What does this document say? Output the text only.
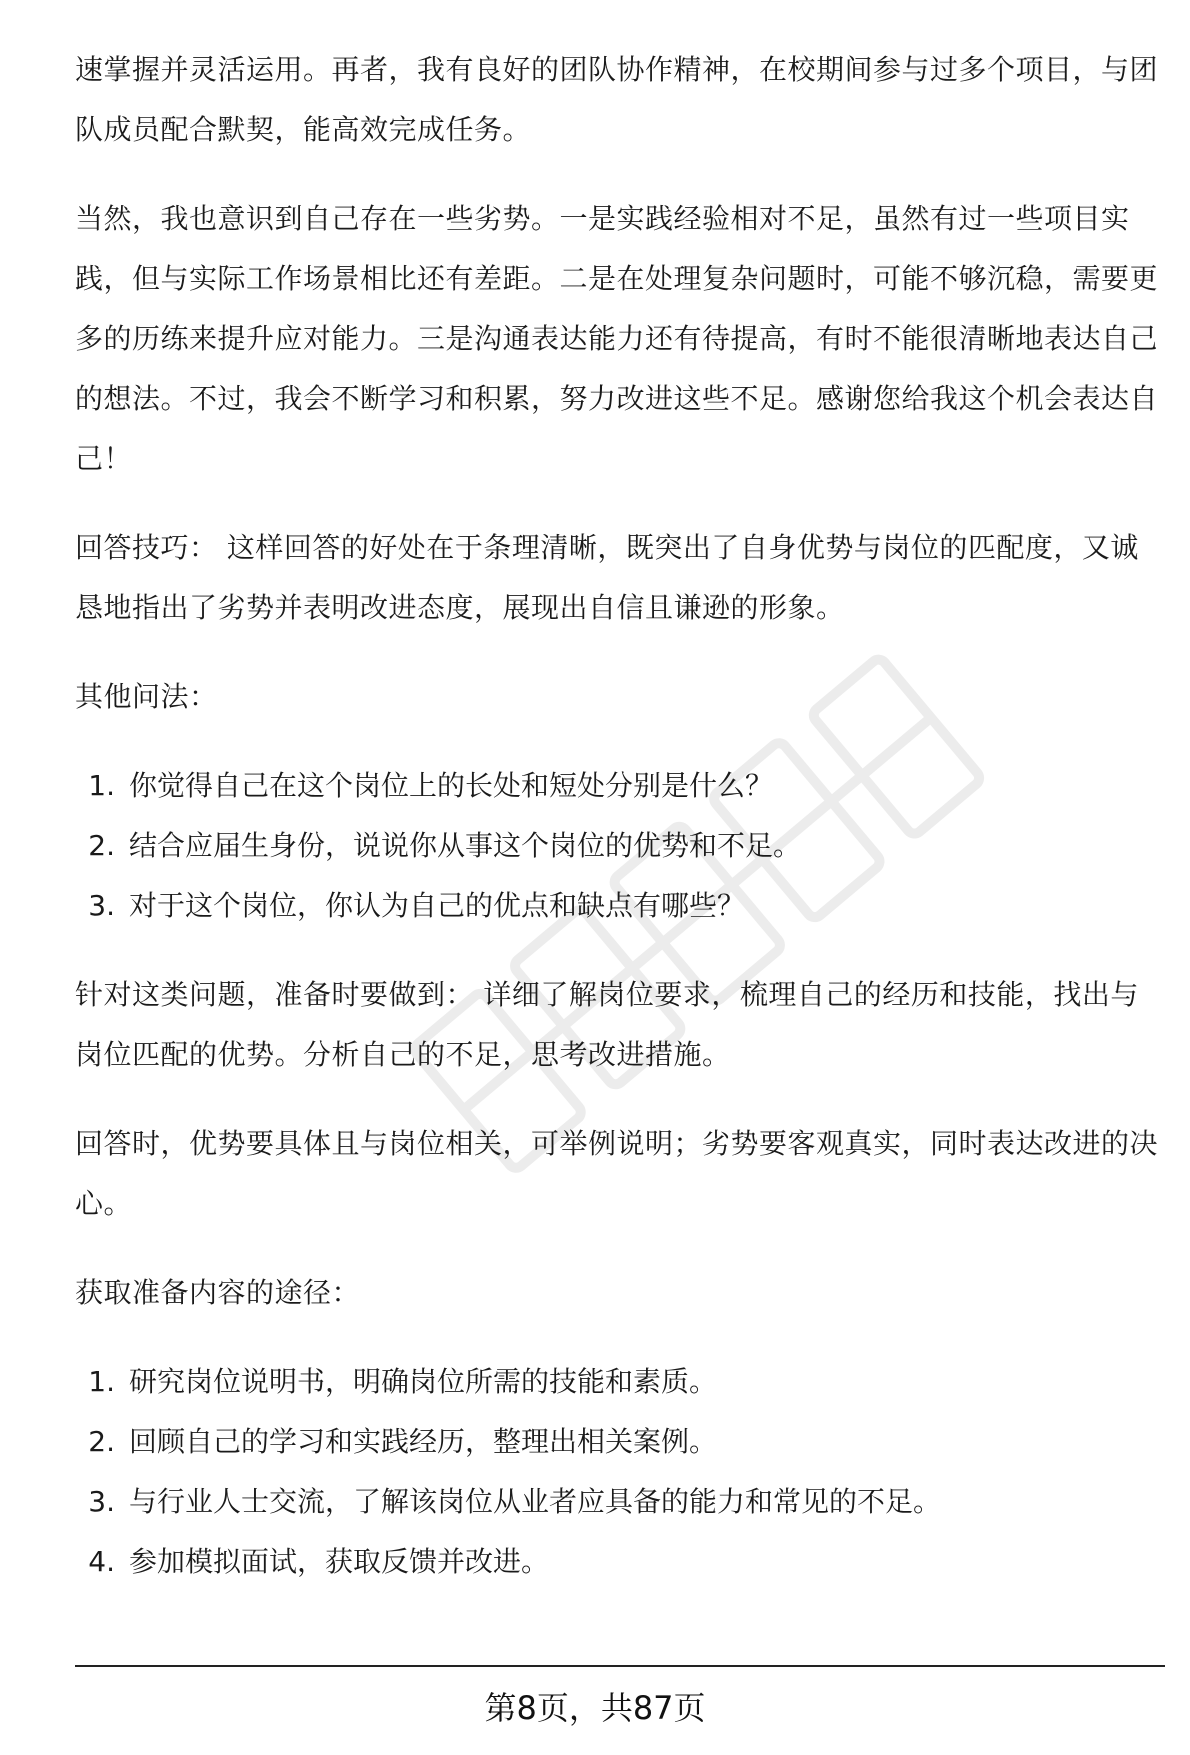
速掌握并灵活运用。再者，我有良好的团队协作精神，在校期间参与过多个项目，与团队成员配合默契，能高效完成任务。

当然，我也意识到自己存在一些劣势。一是实践经验相对不足，虽然有过一些项目实践，但与实际工作场景相比还有差距。二是在处理复杂问题时，可能不够沉稳，需要更多的历练来提升应对能力。三是沟通表达能力还有待提高，有时不能很清晰地表达自己的想法。不过，我会不断学习和积累，努力改进这些不足。感谢您给我这个机会表达自己！

回答技巧： 这样回答的好处在于条理清晰，既突出了自身优势与岗位的匹配度，又诚恳地指出了劣势并表明改进态度，展现出自信且谦逊的形象。

其他问法：

1. 你觉得自己在这个岗位上的长处和短处分别是什么？
2. 结合应届生身份，说说你从事这个岗位的优势和不足。
3. 对于这个岗位，你认为自己的优点和缺点有哪些？

针对这类问题，准备时要做到： 详细了解岗位要求，梳理自己的经历和技能，找出与岗位匹配的优势。分析自己的不足，思考改进措施。

回答时，优势要具体且与岗位相关，可举例说明；劣势要客观真实，同时表达改进的决心。

获取准备内容的途径：

1. 研究岗位说明书，明确岗位所需的技能和素质。
2. 回顾自己的学习和实践经历，整理出相关案例。
3. 与行业人士交流，了解该岗位从业者应具备的能力和常见的不足。
4. 参加模拟面试，获取反馈并改进。
第8页，共87页
